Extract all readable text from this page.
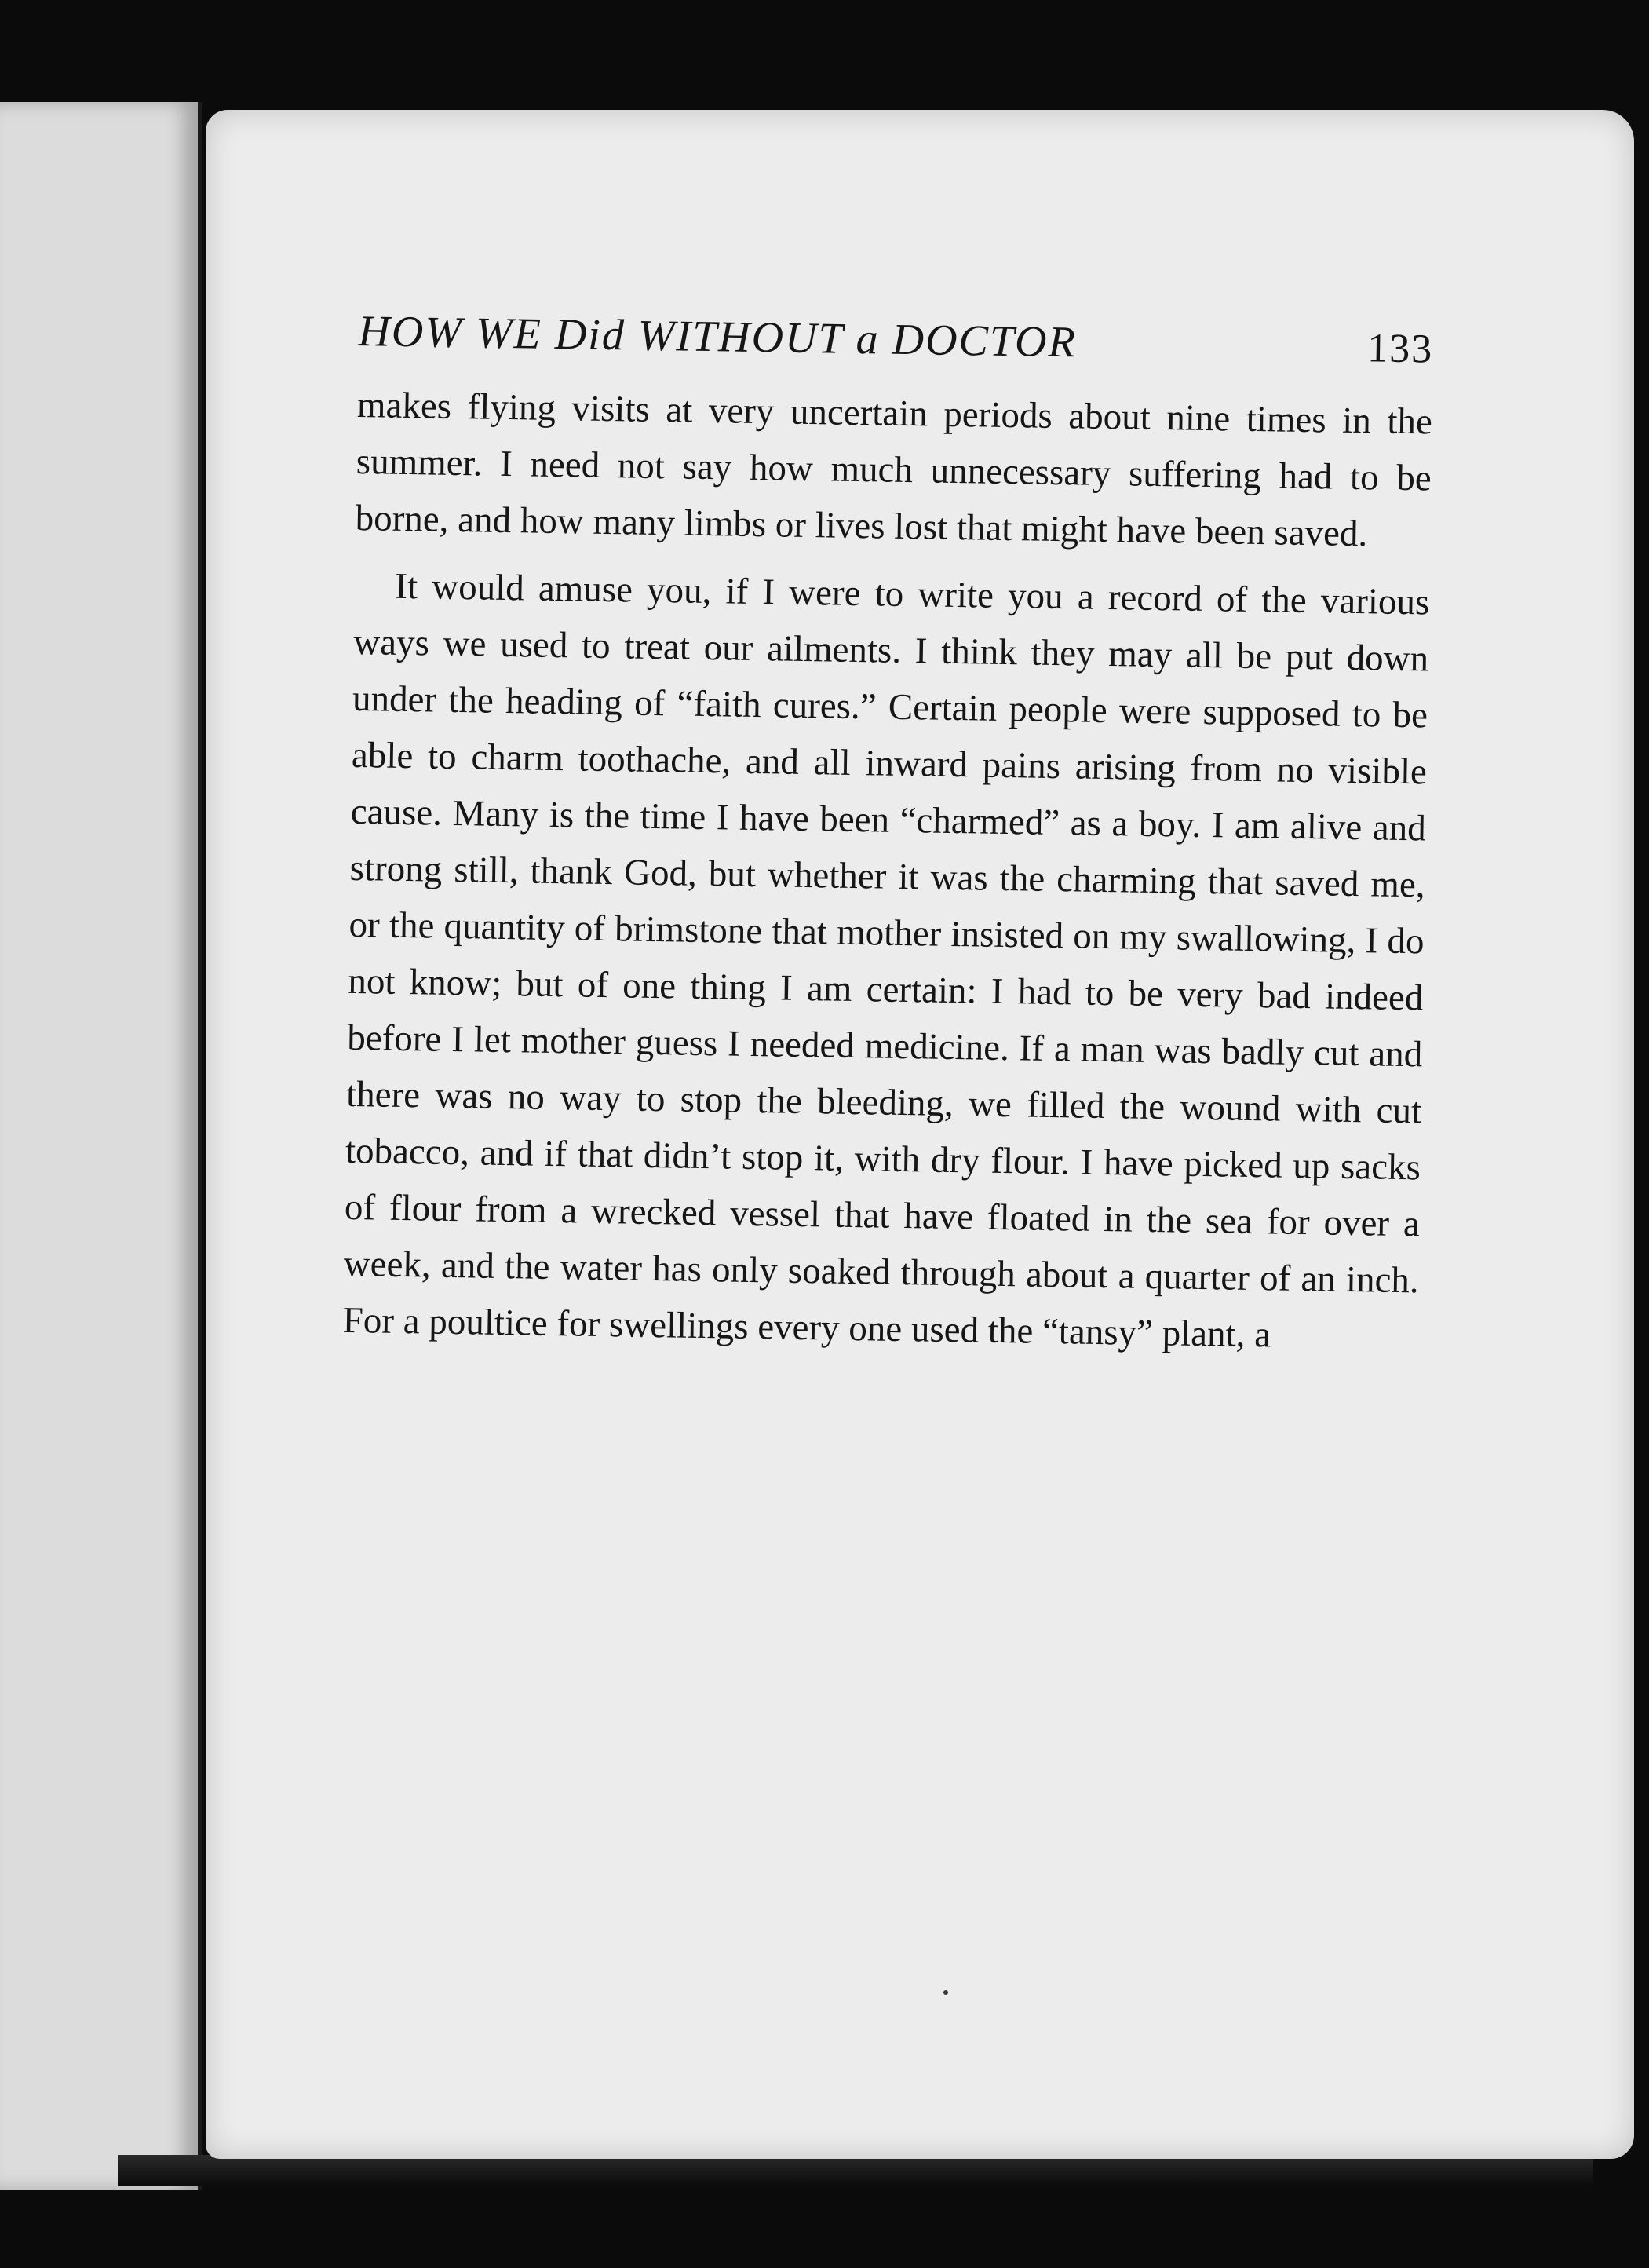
HOW WE Did WITHOUT a DOCTOR	133

makes flying visits at very uncertain periods about nine times in the summer. I need not say how much unnecessary suffering had to be borne, and how many limbs or lives lost that might have been saved.

It would amuse you, if I were to write you a record of the various ways we used to treat our ailments. I think they may all be put down under the heading of “faith cures.” Certain people were supposed to be able to charm toothache, and all inward pains arising from no visible cause. Many is the time I have been “charmed” as a boy. I am alive and strong still, thank God, but whether it was the charming that saved me, or the quantity of brimstone that mother insisted on my swallowing, I do not know; but of one thing I am certain: I had to be very bad indeed before I let mother guess I needed medicine. If a man was badly cut and there was no way to stop the bleeding, we filled the wound with cut tobacco, and if that didn’t stop it, with dry flour. I have picked up sacks of flour from a wrecked vessel that have floated in the sea for over a week, and the water has only soaked through about a quarter of an inch. For a poultice for swellings every one used the “tansy” plant, a
